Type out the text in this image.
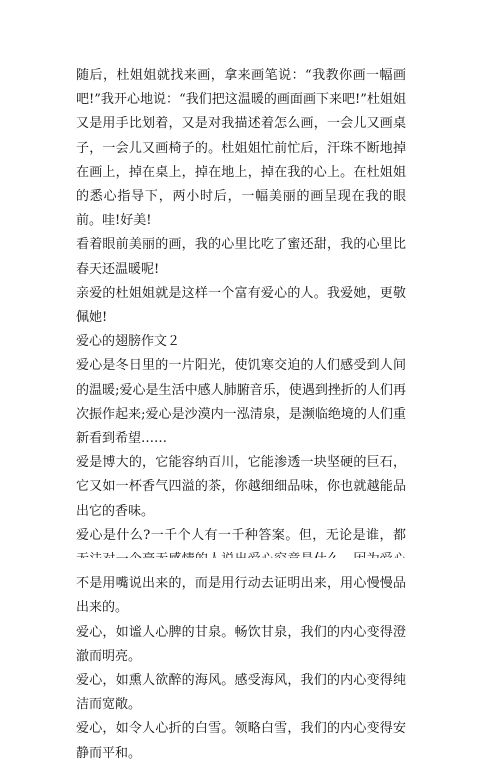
随后，杜姐姐就找来画，拿来画笔说：“我教你画一幅画吧!”我开心地说：“我们把这温暖的画面画下来吧!”杜姐姐又是用手比划着，又是对我描述着怎么画，一会儿又画桌子，一会儿又画椅子的。杜姐姐忙前忙后，汗珠不断地掉在画上，掉在桌上，掉在地上，掉在我的心上。在杜姐姐的悉心指导下，两小时后，一幅美丽的画呈现在我的眼前。哇!好美!

看着眼前美丽的画，我的心里比吃了蜜还甜，我的心里比春天还温暖呢!

亲爱的杜姐姐就是这样一个富有爱心的人。我爱她，更敬佩她!

爱心的翅膀作文２

爱心是冬日里的一片阳光，使饥寒交迫的人们感受到人间的温暖;爱心是生活中感人肺腑音乐，使遇到挫折的人们再次振作起来;爱心是沙漠内一泓清泉，是濒临绝境的人们重新看到希望……

爱是博大的，它能容纳百川，它能渗透一块坚硬的巨石，它又如一杯香气四溢的茶，你越细细品味，你也就越能品出它的香味。

爱心是什么?一千个人有一千种答案。但，无论是谁，都 不是用嘴说出来的，而是用行动去证明出来，用心慢慢品出来的。

爱心，如谧人心脾的甘泉。畅饮甘泉，我们的内心变得澄澈而明亮。

爱心，如熏人欲醉的海风。感受海风，我们的内心变得纯洁而宽敞。

爱心，如令人心折的白雪。领略白雪，我们的内心变得安静而平和。
